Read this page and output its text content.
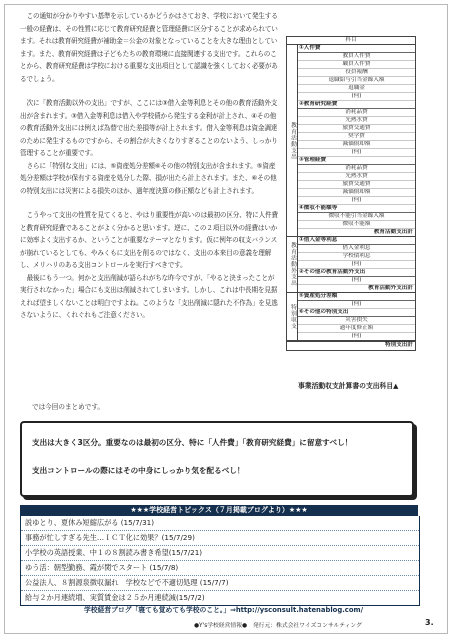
この通知が分かりやすい基準を示しているかどうかはさておき、学校において発生する一般の経費は、その性質に応じて教育研究経費と管理経費に区分することが求められています。それは教育研究経費が補助金＝公金の対象となっていることを大きな理由としています。また、教育研究経費は子どもたちの教育環境に直接関連する支出です。これらのことから、教育研究経費は学校における重要な支出項目として認識を強くしておく必要があるでしょう。

次に「教育活動以外の支出」ですが、ここには③借入金等利息とその他の教育活動外支出が含まれます。③借入金等利息は借入や学校債から発生する金利が計上され、④その他の教育活動外支出には例えば為替で出た差損等が計上されます。借入金等利息は資金調達のために発生するものですから、その割合が大きくなりすぎることのないよう、しっかり管理することが重要です。

さらに「特別な支出」には、⑤資産処分差額⑥その他の特別支出が含まれます。⑤資産処分差額は学校が保有する資産を処分した際、損が出たら計上されます。また、⑥その他の特別支出には災害による損失のほか、過年度決算の修正額なども計上されます。

こうやって支出の性質を見てくると、やはり重要性が高いのは最初の区分、特に人件費と教育研究経費であることがよく分かると思います。逆に、この２項目以外の経費はいかに効率よく支出するか、ということが重要なテーマとなります。仮に例年の収支バランスが崩れているとしても、やみくもに支出を削るのではなく、支出の本来目の意義を理解し、メリハリのある支出コントロールを実行すべきです。

最後にもう一つ。何かと支出削減が語られがちな昨今ですが、「やると決まったことが実行されなかった」場合にも支出は削減されてしまいます。しかし、これは中長期を見据えれば望ましくないことは明白ですよね。このような「支出削減に隠れた不作為」を見逃さないように、くれぐれもご注意ください。

科目
教育活動支出
①人件費
教員人件費
職員人件費
役員報酬
退職給与引当金繰入額
退職金
(何)
②教育研究経費
消耗品費
光熱水費
旅費交通費
奨学費
減価償却額
(何)
③管理経費
消耗品費
光熱水費
旅費交通費
減価償却額
(何)
④徴収不能額等
徴収不能引当金繰入額
徴収不能額
教育活動支出計
教育活動外支出
①借入金等利息
借入金利息
学校債利息
(何)
②その他の教育活動外支出
(何)
教育活動外支出計
特別収支
⑤資産処分差額
(何)
⑥その他の特別支出
災害損失
過年度修正額
(何)
特別支出計
事業活動収支計算書の支出科目▲
では今回のまとめです。

支出は大きく3区分。重要なのは最初の区分、特に「人件費」「教育研究経費」に留意すべし！

支出コントロールの際にはその中身にしっかり気を配るべし！

★★★学校経営トピックス（７月掲載ブログより）★★★
説ゆとり、夏休み短縮広がる (15/7/31)
事務が忙しすぎる先生…ＩＣＴ化に効果？(15/7/29)
小学校の英語授業、中１の８割読み書き希望(15/7/21)
ゆう活：朝型勤務、霞が関でスタート (15/7/8)
公益法人、８割源泉徴収漏れ　学校などで不適切処理 (15/7/7)
給与２か月連続増、実質賃金は２５か月連続減(15/7/2)
学校経営ブログ「寝ても覚めても学校のこと。」⇒http://ysconsult.hatenablog.com/
●Y's学校経営情報●　発行元：株式会社ワイズコンサルティング	3.
